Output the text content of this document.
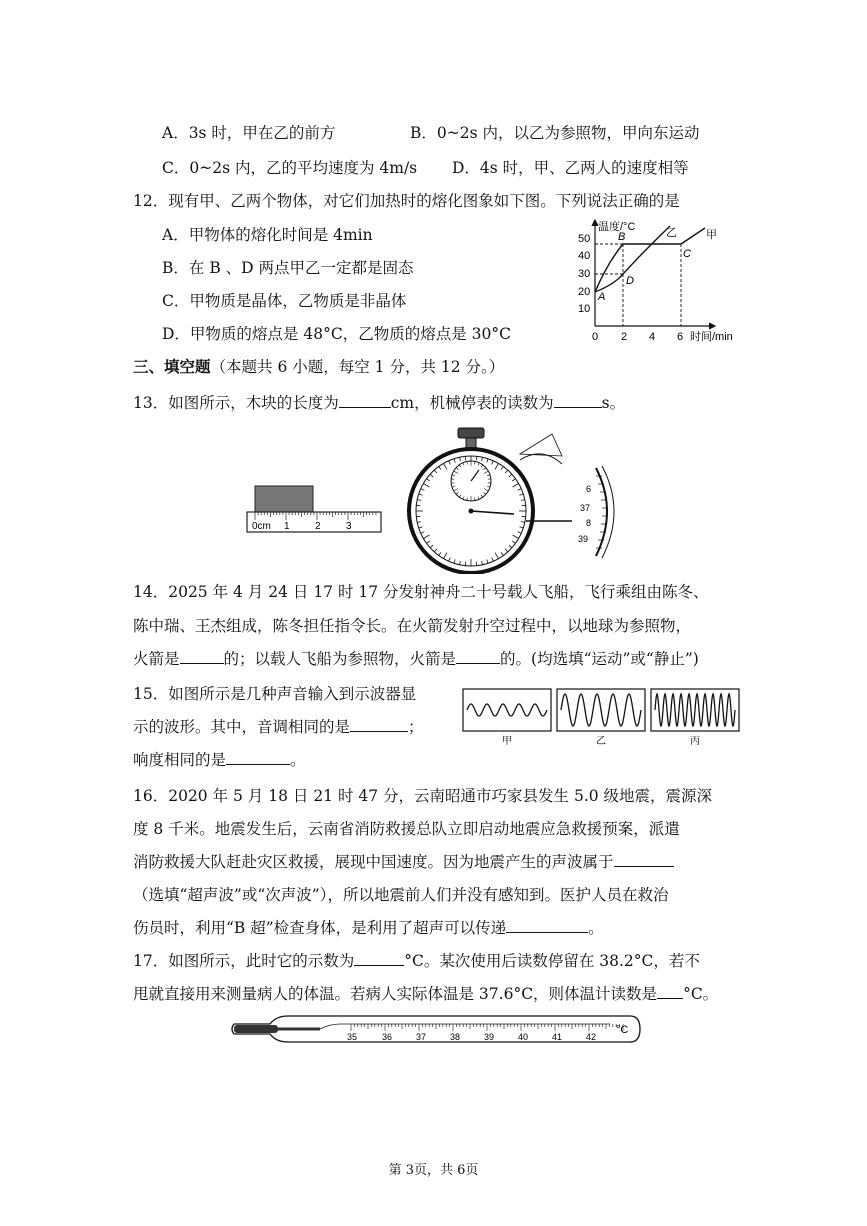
A．3s 时，甲在乙的前方	B．0~2s 内，以乙为参照物，甲向东运动
C．0~2s 内，乙的平均速度为 4m/s D．4s 时，甲、乙两人的速度相等
12．现有甲、乙两个物体，对它们加热时的熔化图象如下图。下列说法正确的是
A．甲物体的熔化时间是 4min
B．在 B 、D 两点甲乙一定都是固态
C．甲物质是晶体，乙物质是非晶体
D．甲物质的熔点是 48°C，乙物质的熔点是 30°C
温度/°C
时间/min
10
20
30
40
50
0 2 4 6
A
B
C
D
甲
乙
三、填空题（本题共 6 小题，每空 1 分，共 12 分。）
13．如图所示，木块的长度为	cm，机械停表的读数为	s。
0cm 1	2	3
6
37
8
39
14．2025 年 4 月 24 日 17 时 17 分发射神舟二十号载人飞船，飞行乘组由陈冬、
陈中瑞、王杰组成，陈冬担任指令长。在火箭发射升空过程中，以地球为参照物，
火箭是	的；以载人飞船为参照物，火箭是	的。(均选填“运动”或“静止”)
15．如图所示是几种声音输入到示波器显
示的波形。其中，音调相同的是	；
响度相同的是	。
甲	乙	丙
16．2020 年 5 月 18 日 21 时 47 分，云南昭通市巧家县发生 5.0 级地震，震源深
度 8 千米。地震发生后，云南省消防救援总队立即启动地震应急救援预案，派遣
消防救援大队赶赴灾区救援，展现中国速度。因为地震产生的声波属于
（选填“超声波”或“次声波”），所以地震前人们并没有感知到。医护人员在救治
伤员时，利用“B 超”检查身体，是利用了超声可以传递	。
17．如图所示，此时它的示数为	°C。某次使用后读数停留在 38.2°C，若不
甩就直接用来测量病人的体温。若病人实际体温是 37.6°C，则体温计读数是 °C。
35	36	37	38	39	40	41	42
°C
第 3页，共 6页
